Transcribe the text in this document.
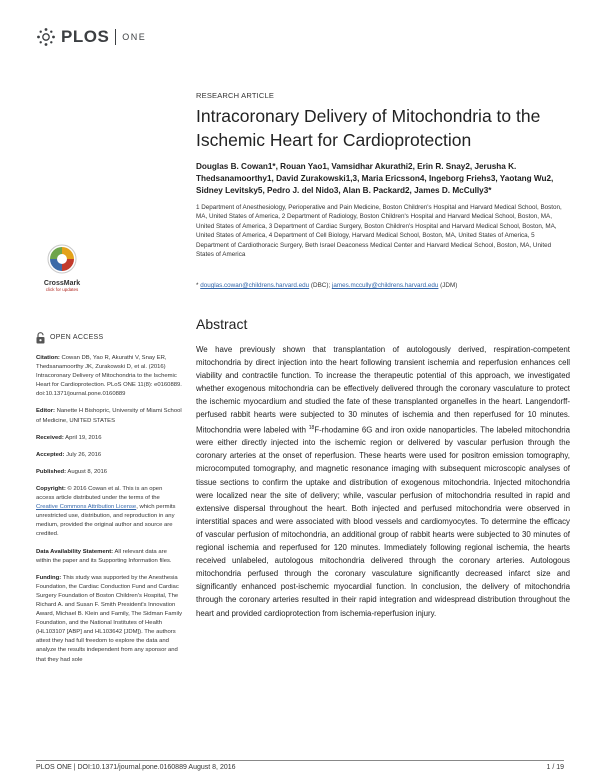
PLOS ONE
RESEARCH ARTICLE
Intracoronary Delivery of Mitochondria to the Ischemic Heart for Cardioprotection
Douglas B. Cowan1*, Rouan Yao1, Vamsidhar Akurathi2, Erin R. Snay2, Jerusha K. Thedsanamoorthy1, David Zurakowski1,3, Maria Ericsson4, Ingeborg Friehs3, Yaotang Wu2, Sidney Levitsky5, Pedro J. del Nido3, Alan B. Packard2, James D. McCully3*
1 Department of Anesthesiology, Perioperative and Pain Medicine, Boston Children's Hospital and Harvard Medical School, Boston, MA, United States of America, 2 Department of Radiology, Boston Children's Hospital and Harvard Medical School, Boston, MA, United States of America, 3 Department of Cardiac Surgery, Boston Children's Hospital and Harvard Medical School, Boston, MA, United States of America, 4 Department of Cell Biology, Harvard Medical School, Boston, MA, United States of America, 5 Department of Cardiothoracic Surgery, Beth Israel Deaconess Medical Center and Harvard Medical School, Boston, MA, United States of America
* douglas.cowan@childrens.harvard.edu (DBC); james.mccully@childrens.harvard.edu (JDM)
CrossMark
click for updates
Abstract
We have previously shown that transplantation of autologously derived, respiration-competent mitochondria by direct injection into the heart following transient ischemia and reperfusion enhances cell viability and contractile function. To increase the therapeutic potential of this approach, we investigated whether exogenous mitochondria can be effectively delivered through the coronary vasculature to protect the ischemic myocardium and studied the fate of these transplanted organelles in the heart. Langendorff-perfused rabbit hearts were subjected to 30 minutes of ischemia and then reperfused for 10 minutes. Mitochondria were labeled with $^{18}$F-rhodamine 6G and iron oxide nanoparticles. The labeled mitochondria were either directly injected into the ischemic region or delivered by vascular perfusion through the coronary arteries at the onset of reperfusion. These hearts were used for positron emission tomography, microcomputed tomography, and magnetic resonance imaging with subsequent microscopic analyses of tissue sections to confirm the uptake and distribution of exogenous mitochondria. Injected mitochondria were localized near the site of delivery; while, vascular perfusion of mitochondria resulted in rapid and extensive dispersal throughout the heart. Both injected and perfused mitochondria were observed in interstitial spaces and were associated with blood vessels and cardiomyocytes. To determine the efficacy of vascular perfusion of mitochondria, an additional group of rabbit hearts were subjected to 30 minutes of regional ischemia and reperfused for 120 minutes. Immediately following regional ischemia, the hearts received unlabeled, autologous mitochondria delivered through the coronary arteries. Autologous mitochondria perfused through the coronary vasculature significantly decreased infarct size and significantly enhanced post-ischemic myocardial function. In conclusion, the delivery of mitochondria through the coronary arteries resulted in their rapid integration and widespread distribution throughout the heart and provided cardioprotection from ischemia-reperfusion injury.
OPEN ACCESS

Citation: Cowan DB, Yao R, Akurathi V, Snay ER, Thedsanamoorthy JK, Zurakowski D, et al. (2016) Intracoronary Delivery of Mitochondria to the Ischemic Heart for Cardioprotection. PLoS ONE 11(8): e0160889. doi:10.1371/journal.pone.0160889

Editor: Nanette H Bishopric, University of Miami School of Medicine, UNITED STATES

Received: April 19, 2016

Accepted: July 26, 2016

Published: August 8, 2016

Copyright: © 2016 Cowan et al. This is an open access article distributed under the terms of the Creative Commons Attribution License, which permits unrestricted use, distribution, and reproduction in any medium, provided the original author and source are credited.

Data Availability Statement: All relevant data are within the paper and its Supporting Information files.

Funding: This study was supported by the Anesthesia Foundation, the Cardiac Conduction Fund and Cardiac Surgery Foundation of Boston Children's Hospital, The Richard A. and Susan F. Smith President's Innovation Award, Michael B. Klein and Family, The Sidman Family Foundation, and the National Institutes of Health (HL103107 [ABP] and HL103642 [JDM]). The authors attest they had full freedom to explore the data and analyze the results independent from any sponsor and that they had sole

PLOS ONE | DOI:10.1371/journal.pone.0160889 August 8, 2016	1 / 19
